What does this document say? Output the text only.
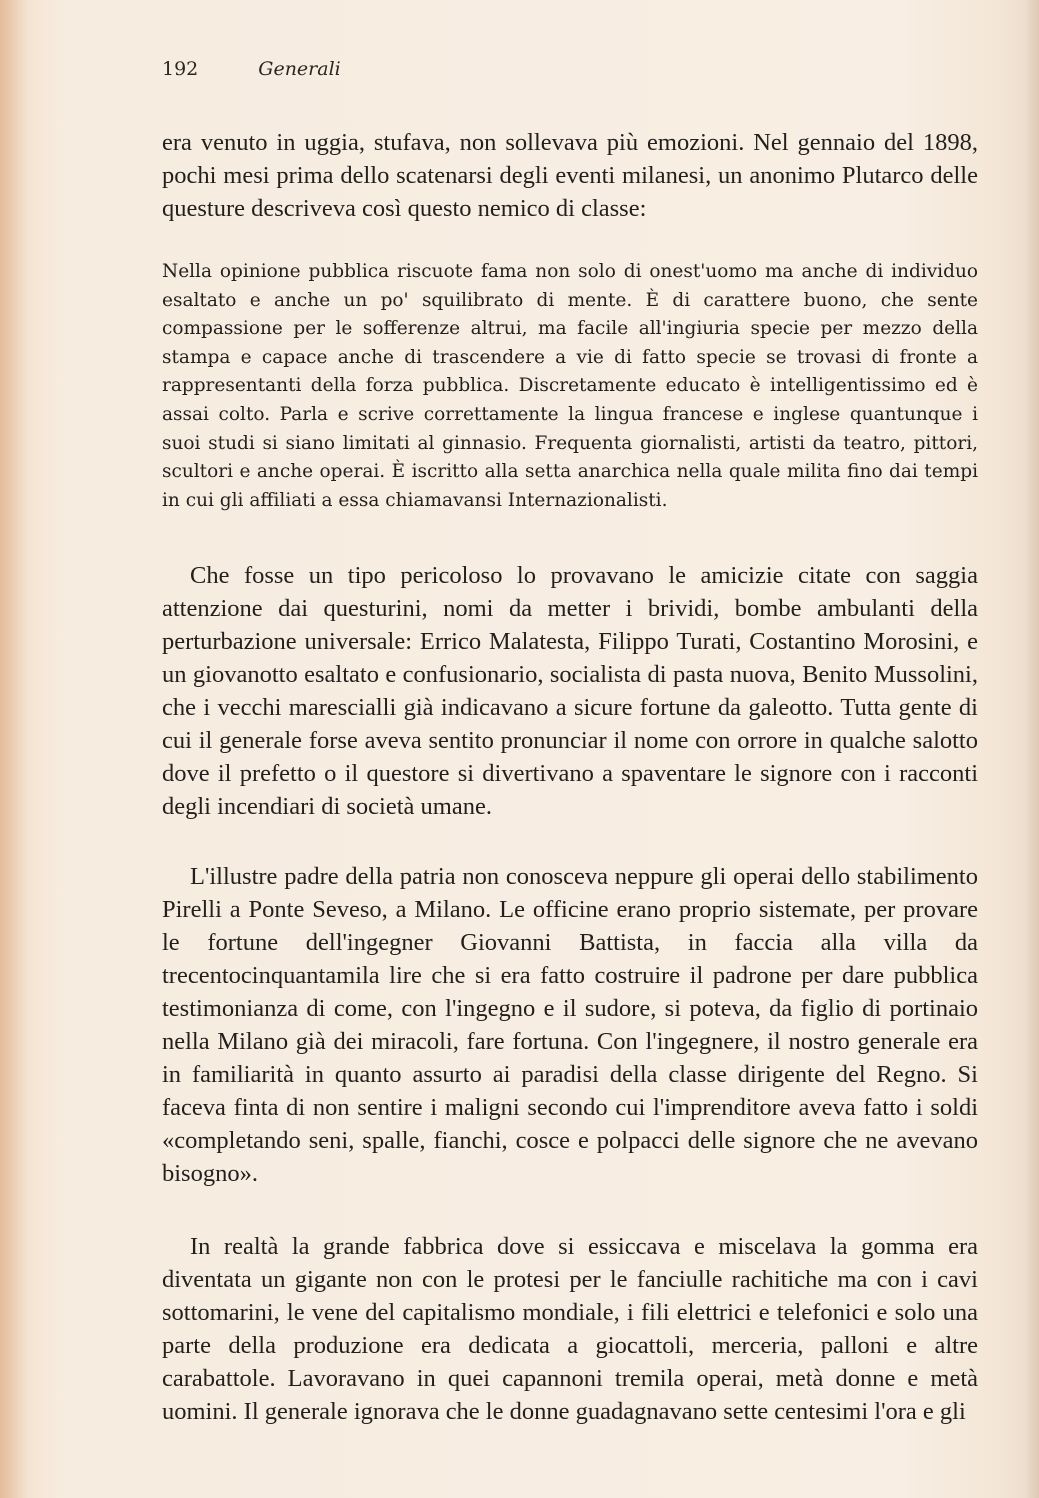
192	Generali

era venuto in uggia, stufava, non sollevava più emozioni. Nel gennaio del 1898, pochi mesi prima dello scatenarsi degli eventi milanesi, un anonimo Plutarco delle questure descriveva così questo nemico di classe:

Nella opinione pubblica riscuote fama non solo di onest'uomo ma anche di individuo esaltato e anche un po' squilibrato di mente. È di carattere buono, che sente compassione per le sofferenze altrui, ma facile all'ingiuria specie per mezzo della stampa e capace anche di trascendere a vie di fatto specie se trovasi di fronte a rappresentanti della forza pubblica. Discretamente educato è intelligentissimo ed è assai colto. Parla e scrive correttamente la lingua francese e inglese quantunque i suoi studi si siano limitati al ginnasio. Frequenta giornalisti, artisti da teatro, pittori, scultori e anche operai. È iscritto alla setta anarchica nella quale milita fino dai tempi in cui gli affiliati a essa chiamavansi Internazionalisti.

Che fosse un tipo pericoloso lo provavano le amicizie citate con saggia attenzione dai questurini, nomi da metter i brividi, bombe ambulanti della perturbazione universale: Errico Malatesta, Filippo Turati, Costantino Morosini, e un giovanotto esaltato e confusionario, socialista di pasta nuova, Benito Mussolini, che i vecchi marescialli già indicavano a sicure fortune da galeotto. Tutta gente di cui il generale forse aveva sentito pronunciar il nome con orrore in qualche salotto dove il prefetto o il questore si divertivano a spaventare le signore con i racconti degli incendiari di società umane.

L'illustre padre della patria non conosceva neppure gli operai dello stabilimento Pirelli a Ponte Seveso, a Milano. Le officine erano proprio sistemate, per provare le fortune dell'ingegner Giovanni Battista, in faccia alla villa da trecentocinquantamila lire che si era fatto costruire il padrone per dare pubblica testimonianza di come, con l'ingegno e il sudore, si poteva, da figlio di portinaio nella Milano già dei miracoli, fare fortuna. Con l'ingegnere, il nostro generale era in familiarità in quanto assurto ai paradisi della classe dirigente del Regno. Si faceva finta di non sentire i maligni secondo cui l'imprenditore aveva fatto i soldi «completando seni, spalle, fianchi, cosce e polpacci delle signore che ne avevano bisogno».

In realtà la grande fabbrica dove si essiccava e miscelava la gomma era diventata un gigante non con le protesi per le fanciulle rachitiche ma con i cavi sottomarini, le vene del capitalismo mondiale, i fili elettrici e telefonici e solo una parte della produzione era dedicata a giocattoli, merceria, palloni e altre carabattole. Lavoravano in quei capannoni tremila operai, metà donne e metà uomini. Il generale ignorava che le donne guadagnavano sette centesimi l'ora e gli
